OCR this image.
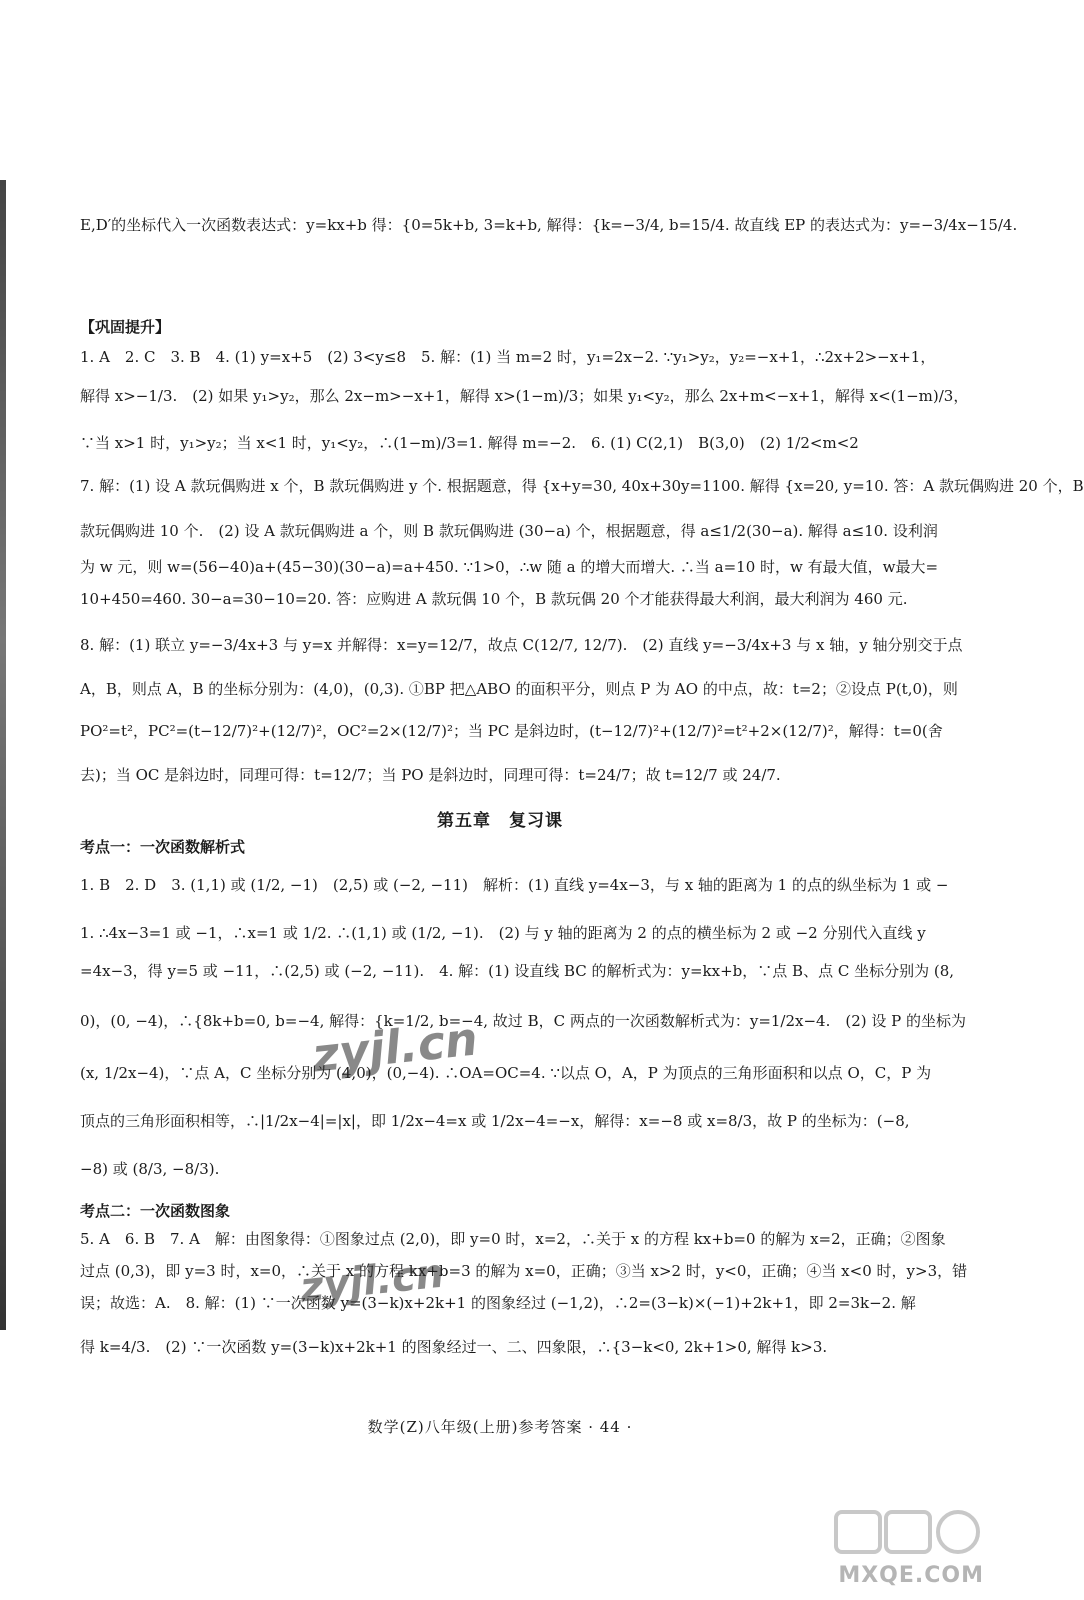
E,D′的坐标代入一次函数表达式：y=kx+b 得：{0=5k+b, 3=k+b, 解得：{k=−3/4, b=15/4. 故直线 EP 的表达式为：y=−3/4x−15/4.
【巩固提升】
1. A　2. C　3. B　4. (1) y=x+5　(2) 3<y≤8　5. 解：(1) 当 m=2 时，y₁=2x−2. ∵y₁>y₂，y₂=−x+1，∴2x+2>−x+1，
解得 x>−1/3.　(2) 如果 y₁>y₂，那么 2x−m>−x+1，解得 x>(1−m)/3；如果 y₁<y₂，那么 2x+m<−x+1，解得 x<(1−m)/3，
∵当 x>1 时，y₁>y₂；当 x<1 时，y₁<y₂，∴(1−m)/3=1. 解得 m=−2.　6. (1) C(2,1)　B(3,0)　(2) 1/2<m<2
7. 解：(1) 设 A 款玩偶购进 x 个，B 款玩偶购进 y 个. 根据题意，得 {x+y=30, 40x+30y=1100. 解得 {x=20, y=10. 答：A 款玩偶购进 20 个，B
款玩偶购进 10 个.　(2) 设 A 款玩偶购进 a 个，则 B 款玩偶购进 (30−a) 个，根据题意，得 a≤1/2(30−a). 解得 a≤10. 设利润
为 w 元，则 w=(56−40)a+(45−30)(30−a)=a+450. ∵1>0，∴w 随 a 的增大而增大. ∴当 a=10 时，w 有最大值，w最大=
10+450=460. 30−a=30−10=20. 答：应购进 A 款玩偶 10 个，B 款玩偶 20 个才能获得最大利润，最大利润为 460 元.
8. 解：(1) 联立 y=−3/4x+3 与 y=x 并解得：x=y=12/7，故点 C(12/7, 12/7).　(2) 直线 y=−3/4x+3 与 x 轴，y 轴分别交于点
A，B，则点 A，B 的坐标分别为：(4,0)，(0,3). ①BP 把△ABO 的面积平分，则点 P 为 AO 的中点，故：t=2；②设点 P(t,0)，则
PO²=t²，PC²=(t−12/7)²+(12/7)²，OC²=2×(12/7)²；当 PC 是斜边时，(t−12/7)²+(12/7)²=t²+2×(12/7)²，解得：t=0(舍
去)；当 OC 是斜边时，同理可得：t=12/7；当 PO 是斜边时，同理可得：t=24/7；故 t=12/7 或 24/7.
第五章　复习课
考点一：一次函数解析式
1. B　2. D　3. (1,1) 或 (1/2, −1)　(2,5) 或 (−2, −11)　解析：(1) 直线 y=4x−3，与 x 轴的距离为 1 的点的纵坐标为 1 或 −
1. ∴4x−3=1 或 −1，∴x=1 或 1/2. ∴(1,1) 或 (1/2, −1).　(2) 与 y 轴的距离为 2 的点的横坐标为 2 或 −2 分别代入直线 y
=4x−3，得 y=5 或 −11，∴(2,5) 或 (−2, −11).　4. 解：(1) 设直线 BC 的解析式为：y=kx+b，∵点 B、点 C 坐标分别为 (8,
0)，(0, −4)，∴{8k+b=0, b=−4, 解得：{k=1/2, b=−4, 故过 B，C 两点的一次函数解析式为：y=1/2x−4.　(2) 设 P 的坐标为
(x, 1/2x−4)，∵点 A，C 坐标分别为 (4,0)，(0,−4). ∴OA=OC=4. ∵以点 O，A，P 为顶点的三角形面积和以点 O，C，P 为
顶点的三角形面积相等，∴|1/2x−4|=|x|，即 1/2x−4=x 或 1/2x−4=−x，解得：x=−8 或 x=8/3，故 P 的坐标为：(−8,
−8) 或 (8/3, −8/3).
考点二：一次函数图象
5. A　6. B　7. A　解：由图象得：①图象过点 (2,0)，即 y=0 时，x=2，∴关于 x 的方程 kx+b=0 的解为 x=2，正确；②图象
过点 (0,3)，即 y=3 时，x=0，∴关于 x 的方程 kx+b=3 的解为 x=0，正确；③当 x>2 时，y<0，正确；④当 x<0 时，y>3，错
误；故选：A.　8. 解：(1) ∵一次函数 y=(3−k)x+2k+1 的图象经过 (−1,2)，∴2=(3−k)×(−1)+2k+1，即 2=3k−2. 解
得 k=4/3.　(2) ∵一次函数 y=(3−k)x+2k+1 的图象经过一、二、四象限，∴{3−k<0, 2k+1>0, 解得 k>3.
数学(Z)八年级(上册)参考答案 · 44 ·
zyjl.cn
zyjl.cn
MXQE.COM
